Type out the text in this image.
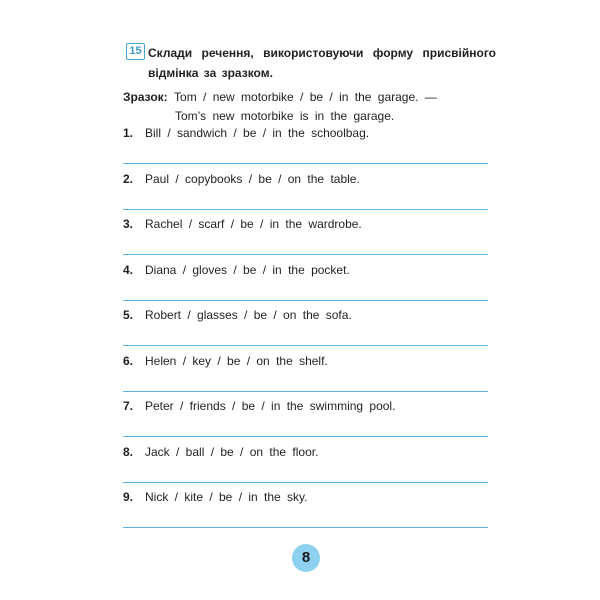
15 Склади речення, використовуючи форму присвійного відмінка за зразком.
Зразок: Tom / new motorbike / be / in the garage. —
Tom’s new motorbike is in the garage.
1. Bill / sandwich / be / in the schoolbag.
2. Paul / copybooks / be / on the table.
3. Rachel / scarf / be / in the wardrobe.
4. Diana / gloves / be / in the pocket.
5. Robert / glasses / be / on the sofa.
6. Helen / key / be / on the shelf.
7. Peter / friends / be / in the swimming pool.
8. Jack / ball / be / on the floor.
9. Nick / kite / be / in the sky.
8
